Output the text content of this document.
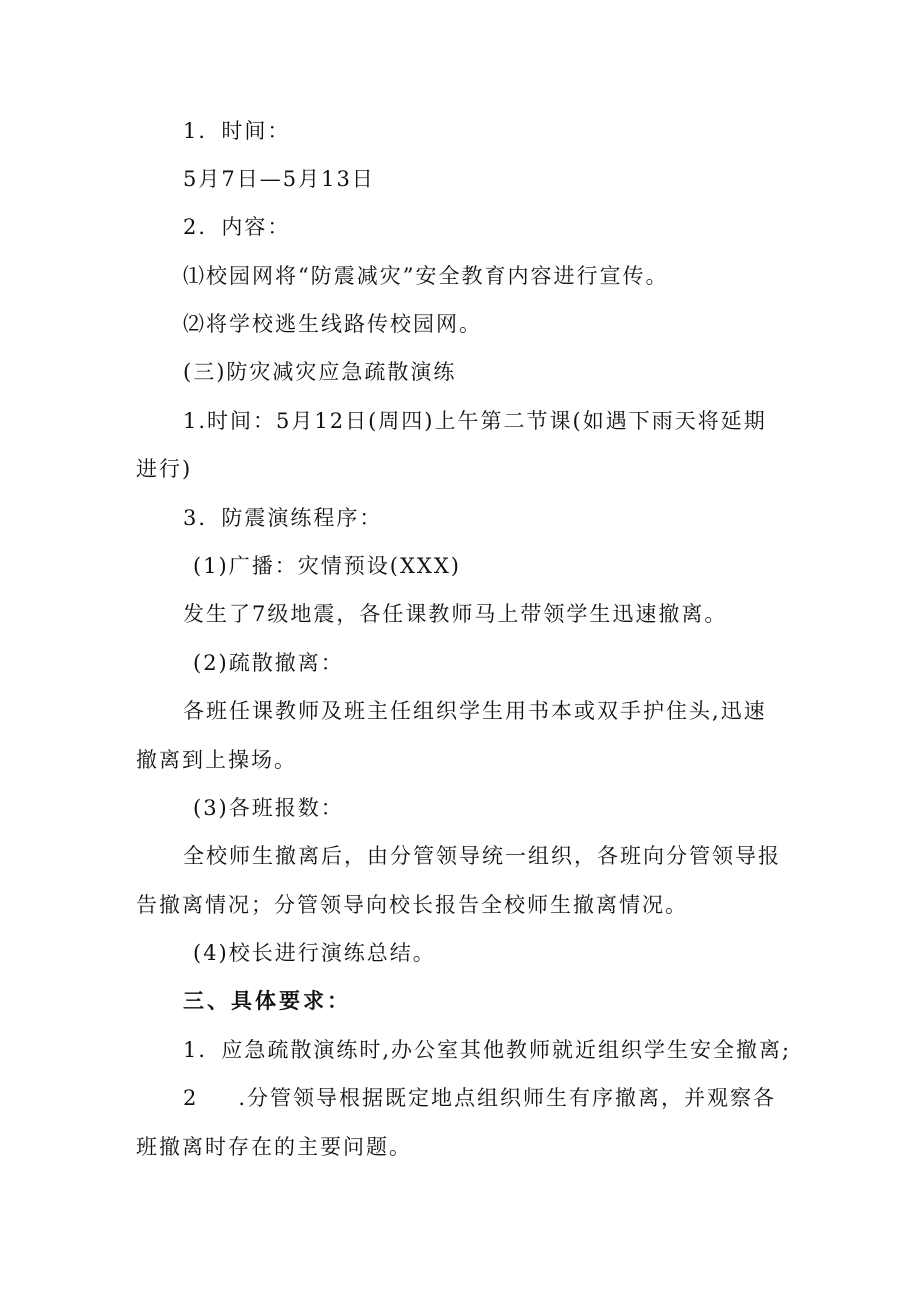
1．时间：
5月7日—5月13日
2．内容：
⑴校园网将“防震减灾”安全教育内容进行宣传。
⑵将学校逃生线路传校园网。
(三)防灾减灾应急疏散演练
1.时间：5月12日(周四)上午第二节课(如遇下雨天将延期
进行)
3．防震演练程序：
(1)广播：灾情预设(XXX)
发生了7级地震，各任课教师马上带领学生迅速撤离。
(2)疏散撤离：
各班任课教师及班主任组织学生用书本或双手护住头,迅速
撤离到上操场。
(3)各班报数：
全校师生撤离后，由分管领导统一组织，各班向分管领导报
告撤离情况；分管领导向校长报告全校师生撤离情况。
(4)校长进行演练总结。
三、具体要求：
1．应急疏散演练时,办公室其他教师就近组织学生安全撤离;
2 .分管领导根据既定地点组织师生有序撤离，并观察各
班撤离时存在的主要问题。
